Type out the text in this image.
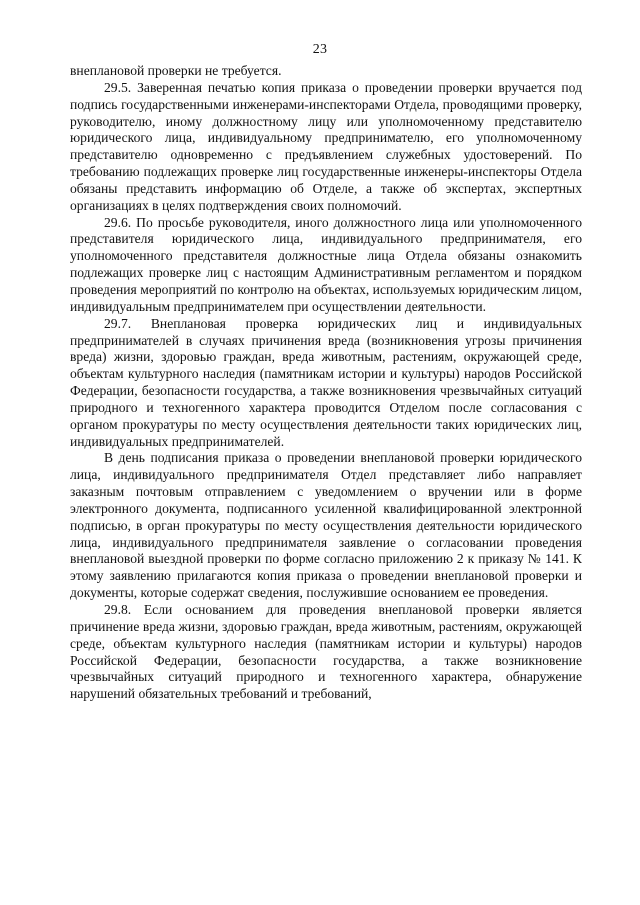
23

внеплановой проверки не требуется.

29.5. Заверенная печатью копия приказа о проведении проверки вручается под подпись государственными инженерами-инспекторами Отдела, проводящими проверку, руководителю, иному должностному лицу или уполномоченному представителю юридического лица, индивидуальному предпринимателю, его уполномоченному представителю одновременно с предъявлением служебных удостоверений. По требованию подлежащих проверке лиц государственные инженеры-инспекторы Отдела обязаны представить информацию об Отделе, а также об экспертах, экспертных организациях в целях подтверждения своих полномочий.

29.6. По просьбе руководителя, иного должностного лица или уполномоченного представителя юридического лица, индивидуального предпринимателя, его уполномоченного представителя должностные лица Отдела обязаны ознакомить подлежащих проверке лиц с настоящим Административным регламентом и порядком проведения мероприятий по контролю на объектах, используемых юридическим лицом, индивидуальным предпринимателем при осуществлении деятельности.

29.7. Внеплановая проверка юридических лиц и индивидуальных предпринимателей в случаях причинения вреда (возникновения угрозы причинения вреда) жизни, здоровью граждан, вреда животным, растениям, окружающей среде, объектам культурного наследия (памятникам истории и культуры) народов Российской Федерации, безопасности государства, а также возникновения чрезвычайных ситуаций природного и техногенного характера проводится Отделом после согласования с органом прокуратуры по месту осуществления деятельности таких юридических лиц, индивидуальных предпринимателей.

В день подписания приказа о проведении внеплановой проверки юридического лица, индивидуального предпринимателя Отдел представляет либо направляет заказным почтовым отправлением с уведомлением о вручении или в форме электронного документа, подписанного усиленной квалифицированной электронной подписью, в орган прокуратуры по месту осуществления деятельности юридического лица, индивидуального предпринимателя заявление о согласовании проведения внеплановой выездной проверки по форме согласно приложению 2 к приказу № 141. К этому заявлению прилагаются копия приказа о проведении внеплановой проверки и документы, которые содержат сведения, послужившие основанием ее проведения.

29.8. Если основанием для проведения внеплановой проверки является причинение вреда жизни, здоровью граждан, вреда животным, растениям, окружающей среде, объектам культурного наследия (памятникам истории и культуры) народов Российской Федерации, безопасности государства, а также возникновение чрезвычайных ситуаций природного и техногенного характера, обнаружение нарушений обязательных требований и требований,
